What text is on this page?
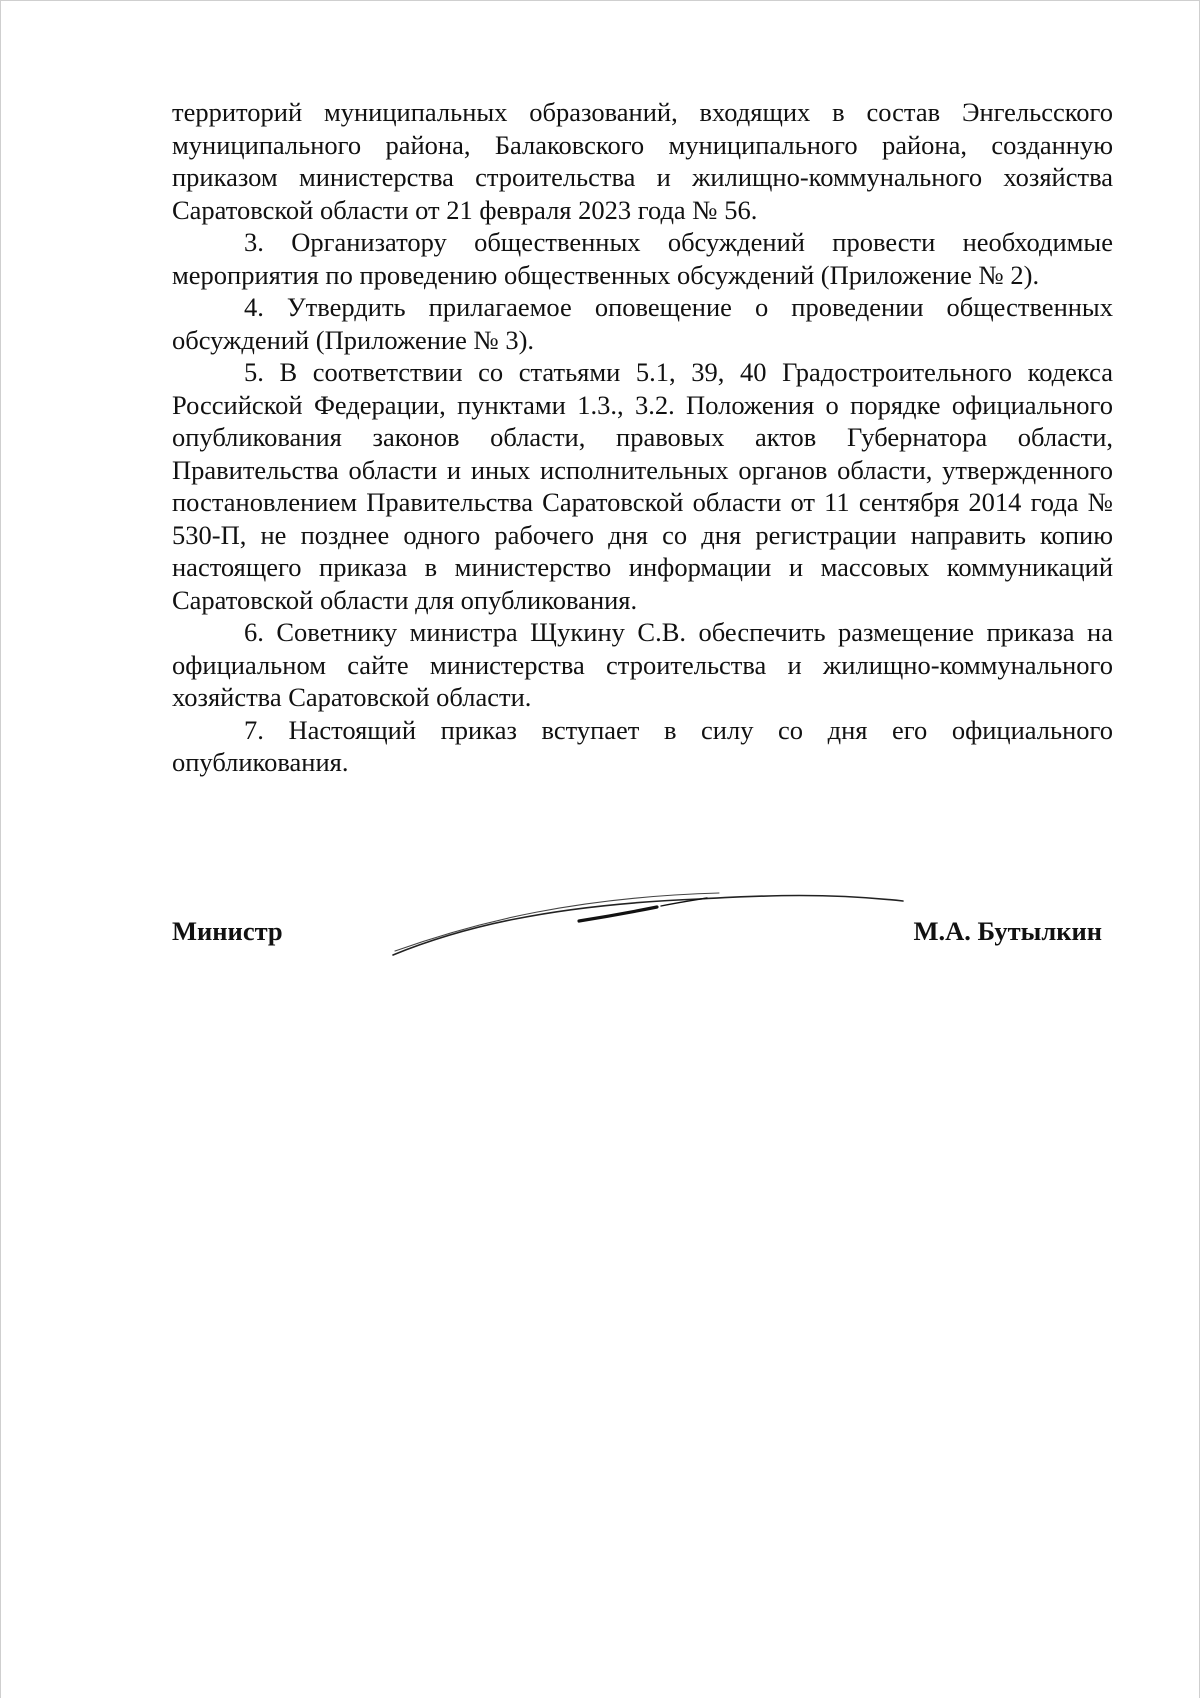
территорий муниципальных образований, входящих в состав Энгельсского муниципального района, Балаковского муниципального района, созданную приказом министерства строительства и жилищно-коммунального хозяйства Саратовской области от 21 февраля 2023 года № 56.

3. Организатору общественных обсуждений провести необходимые мероприятия по проведению общественных обсуждений (Приложение № 2).

4. Утвердить прилагаемое оповещение о проведении общественных обсуждений (Приложение № 3).

5. В соответствии со статьями 5.1, 39, 40 Градостроительного кодекса Российской Федерации, пунктами 1.3., 3.2. Положения о порядке официального опубликования законов области, правовых актов Губернатора области, Правительства области и иных исполнительных органов области, утвержденного постановлением Правительства Саратовской области от 11 сентября 2014 года № 530-П, не позднее одного рабочего дня со дня регистрации направить копию настоящего приказа в министерство информации и массовых коммуникаций Саратовской области для опубликования.

6. Советнику министра Щукину С.В. обеспечить размещение приказа на официальном сайте министерства строительства и жилищно-коммунального хозяйства Саратовской области.

7. Настоящий приказ вступает в силу со дня его официального опубликования.

Министр	М.А. Бутылкин
